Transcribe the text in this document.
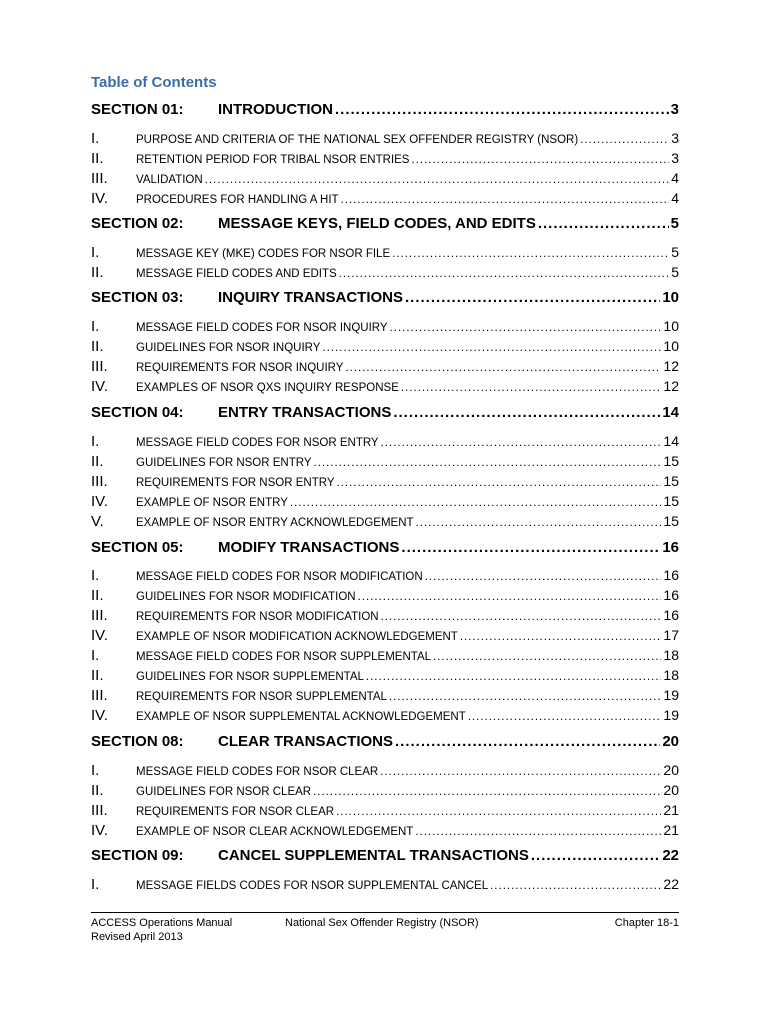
Table of Contents
SECTION 01:	INTRODUCTION .....	3
I.	PURPOSE AND CRITERIA OF THE NATIONAL SEX OFFENDER REGISTRY (NSOR) .....	3
II.	RETENTION PERIOD FOR TRIBAL NSOR ENTRIES .....	3
III.	VALIDATION .....	4
IV.	PROCEDURES FOR HANDLING A HIT .....	4
SECTION 02:	MESSAGE KEYS, FIELD CODES, AND EDITS .....	5
I.	MESSAGE KEY (MKE) CODES FOR NSOR FILE .....	5
II.	MESSAGE FIELD CODES AND EDITS .....	5
SECTION 03:	INQUIRY TRANSACTIONS .....	10
I.	MESSAGE FIELD CODES FOR NSOR INQUIRY .....	10
II.	GUIDELINES FOR NSOR INQUIRY .....	10
III.	REQUIREMENTS FOR NSOR INQUIRY .....	12
IV.	EXAMPLES OF NSOR QXS INQUIRY RESPONSE .....	12
SECTION 04:	ENTRY TRANSACTIONS .....	14
I.	MESSAGE FIELD CODES FOR NSOR ENTRY .....	14
II.	GUIDELINES FOR NSOR ENTRY .....	15
III.	REQUIREMENTS FOR NSOR ENTRY .....	15
IV.	EXAMPLE OF NSOR ENTRY .....	15
V.	EXAMPLE OF NSOR ENTRY ACKNOWLEDGEMENT .....	15
SECTION 05:	MODIFY TRANSACTIONS .....	16
I.	MESSAGE FIELD CODES FOR NSOR MODIFICATION .....	16
II.	GUIDELINES FOR NSOR MODIFICATION .....	16
III.	REQUIREMENTS FOR NSOR MODIFICATION .....	16
IV.	EXAMPLE OF NSOR MODIFICATION ACKNOWLEDGEMENT .....	17
I.	MESSAGE FIELD CODES FOR NSOR SUPPLEMENTAL .....	18
II.	GUIDELINES FOR NSOR SUPPLEMENTAL .....	18
III.	REQUIREMENTS FOR NSOR SUPPLEMENTAL .....	19
IV.	EXAMPLE OF NSOR SUPPLEMENTAL ACKNOWLEDGEMENT .....	19
SECTION 08:	CLEAR TRANSACTIONS .....	20
I.	MESSAGE FIELD CODES FOR NSOR CLEAR .....	20
II.	GUIDELINES FOR NSOR CLEAR .....	20
III.	REQUIREMENTS FOR NSOR CLEAR .....	21
IV.	EXAMPLE OF NSOR CLEAR ACKNOWLEDGEMENT .....	21
SECTION 09:	CANCEL SUPPLEMENTAL TRANSACTIONS .....	22
I.	MESSAGE FIELDS CODES FOR NSOR SUPPLEMENTAL CANCEL .....	22
ACCESS Operations Manual
Revised April 2013
National Sex Offender Registry (NSOR)	Chapter 18-1
